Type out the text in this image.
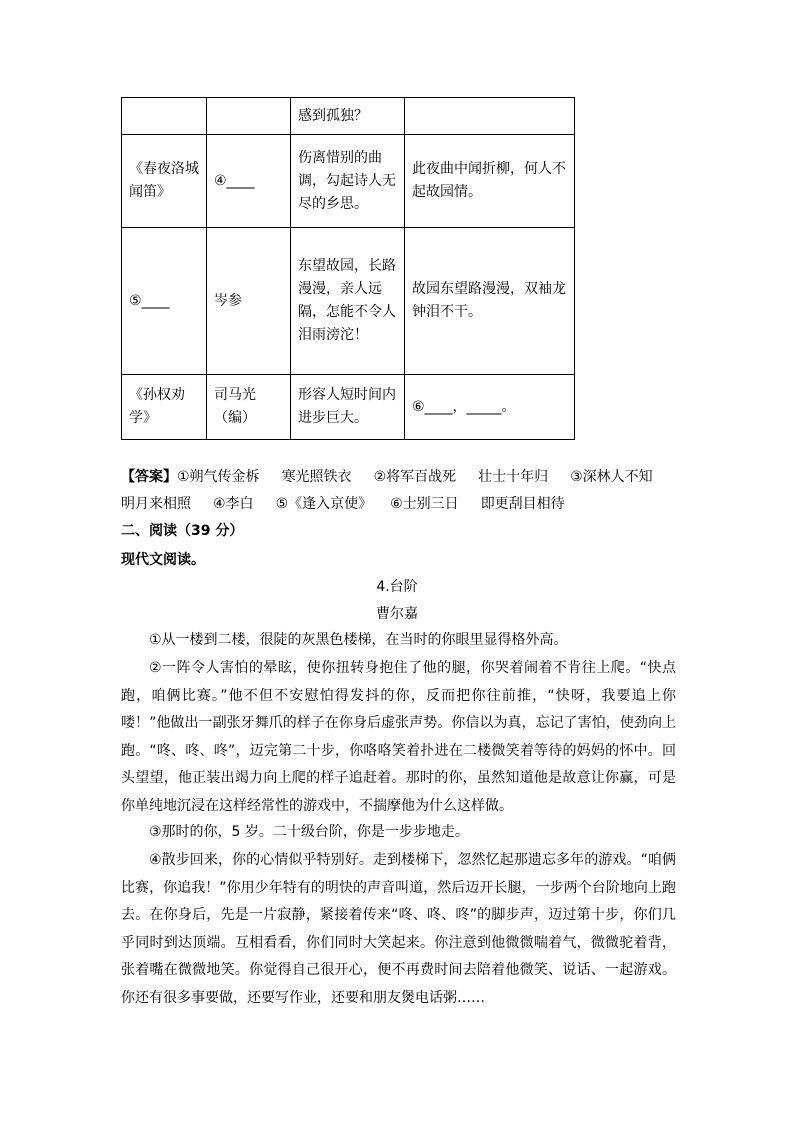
		感到孤独？	
《春夜洛城闻笛》	④____	伤离惜别的曲调，勾起诗人无尽的乡思。	此夜曲中闻折柳，何人不起故园情。
⑤____	岑参	东望故园，长路漫漫，亲人远隔，怎能不令人泪雨滂沱！	故园东望路漫漫，双袖龙钟泪不干。
《孙权劝学》	司马光（编）	形容人短时间内进步巨大。	⑥____，_____。
【答案】①朔气传金柝 寒光照铁衣 ②将军百战死 壮士十年归 ③深林人不知
明月来相照 ④李白 ⑤《逢入京使》 ⑥士别三日 即更刮目相待
二、阅读（39 分）
现代文阅读。
4.台阶
曹尔嘉
①从一楼到二楼，很陡的灰黑色楼梯，在当时的你眼里显得格外高。
②一阵令人害怕的晕眩，使你扭转身抱住了他的腿，你哭着闹着不肯往上爬。“快点跑，咱俩比赛。”他不但不安慰怕得发抖的你，反而把你往前推，“快呀，我要追上你喽！”他做出一副张牙舞爪的样子在你身后虚张声势。你信以为真，忘记了害怕，使劲向上跑。“咚、咚、咚”，迈完第二十步，你咯咯笑着扑进在二楼微笑着等待的妈妈的怀中。回头望望，他正装出竭力向上爬的样子追赶着。那时的你，虽然知道他是故意让你赢，可是你单纯地沉浸在这样经常性的游戏中，不揣摩他为什么这样做。
③那时的你，5 岁。二十级台阶，你是一步步地走。
④散步回来，你的心情似乎特别好。走到楼梯下，忽然忆起那遗忘多年的游戏。“咱俩比赛，你追我！”你用少年特有的明快的声音叫道，然后迈开长腿，一步两个台阶地向上跑去。在你身后，先是一片寂静，紧接着传来“咚、咚、咚”的脚步声，迈过第十步，你们几乎同时到达顶端。互相看看，你们同时大笑起来。你注意到他微微喘着气，微微驼着背，张着嘴在微微地笑。你觉得自己很开心，便不再费时间去陪着他微笑、说话、一起游戏。你还有很多事要做，还要写作业，还要和朋友煲电话粥……
